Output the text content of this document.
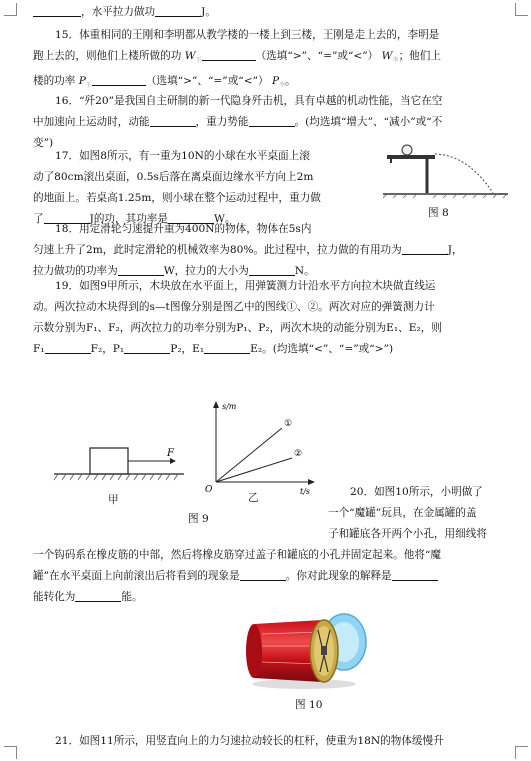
，水平拉力做功	J。
15．体重相同的王刚和李明都从教学楼的一楼上到三楼，王刚是走上去的，李明是
跑上去的，则他们上楼所做的功 $W_王$	（选填“>”、“=”或“<”） $W_李$；他们上
楼的功率 $P_王$	（选填“>”、“=”或“<”） $P_李$。
16．“歼20”是我国自主研制的新一代隐身歼击机，具有卓越的机动性能，当它在空
中加速向上运动时，动能	，重力势能	。(均选填“增大”、“减小”或“不
变”)
17．如图8所示，有一重为10N的小球在水平桌面上滚
动了80cm滚出桌面，0.5s后落在离桌面边缘水平方向上2m
的地面上。若桌高1.25m，则小球在整个运动过程中，重力做
了	J的功，其功率是	W。	图 8
18．用定滑轮匀速提升重为400N的物体，物体在5s内
匀速上升了2m，此时定滑轮的机械效率为80%。此过程中，拉力做的有用功为	J，
拉力做功的功率为	W，拉力的大小为	N。
19．如图9甲所示，木块放在水平面上，用弹簧测力计沿水平方向拉木块做直线运
动。两次拉动木块得到的s—t图像分别是图乙中的图线①、②。两次对应的弹簧测力计
示数分别为F₁、F₂，两次拉力的功率分别为P₁、P₂，两次木块的动能分别为E₁、E₂，则
F₁	F₂，P₁	P₂，E₁	E₂。(均选填“<”、“=”或“>”)
F
甲
s/m
t/s
O
①
②
乙
图 9
20．如图10所示，小明做了
一个“魔罐”玩具，在金属罐的盖
子和罐底各开两个小孔，用细线将
一个钩码系在橡皮筋的中部，然后将橡皮筋穿过盖子和罐底的小孔并固定起来。他将“魔
罐”在水平桌面上向前滚出后将看到的现象是	。你对此现象的解释是
能转化为	能。
图 10
21．如图11所示，用竖直向上的力匀速拉动较长的杠杆，使重为18N的物体缓慢升
